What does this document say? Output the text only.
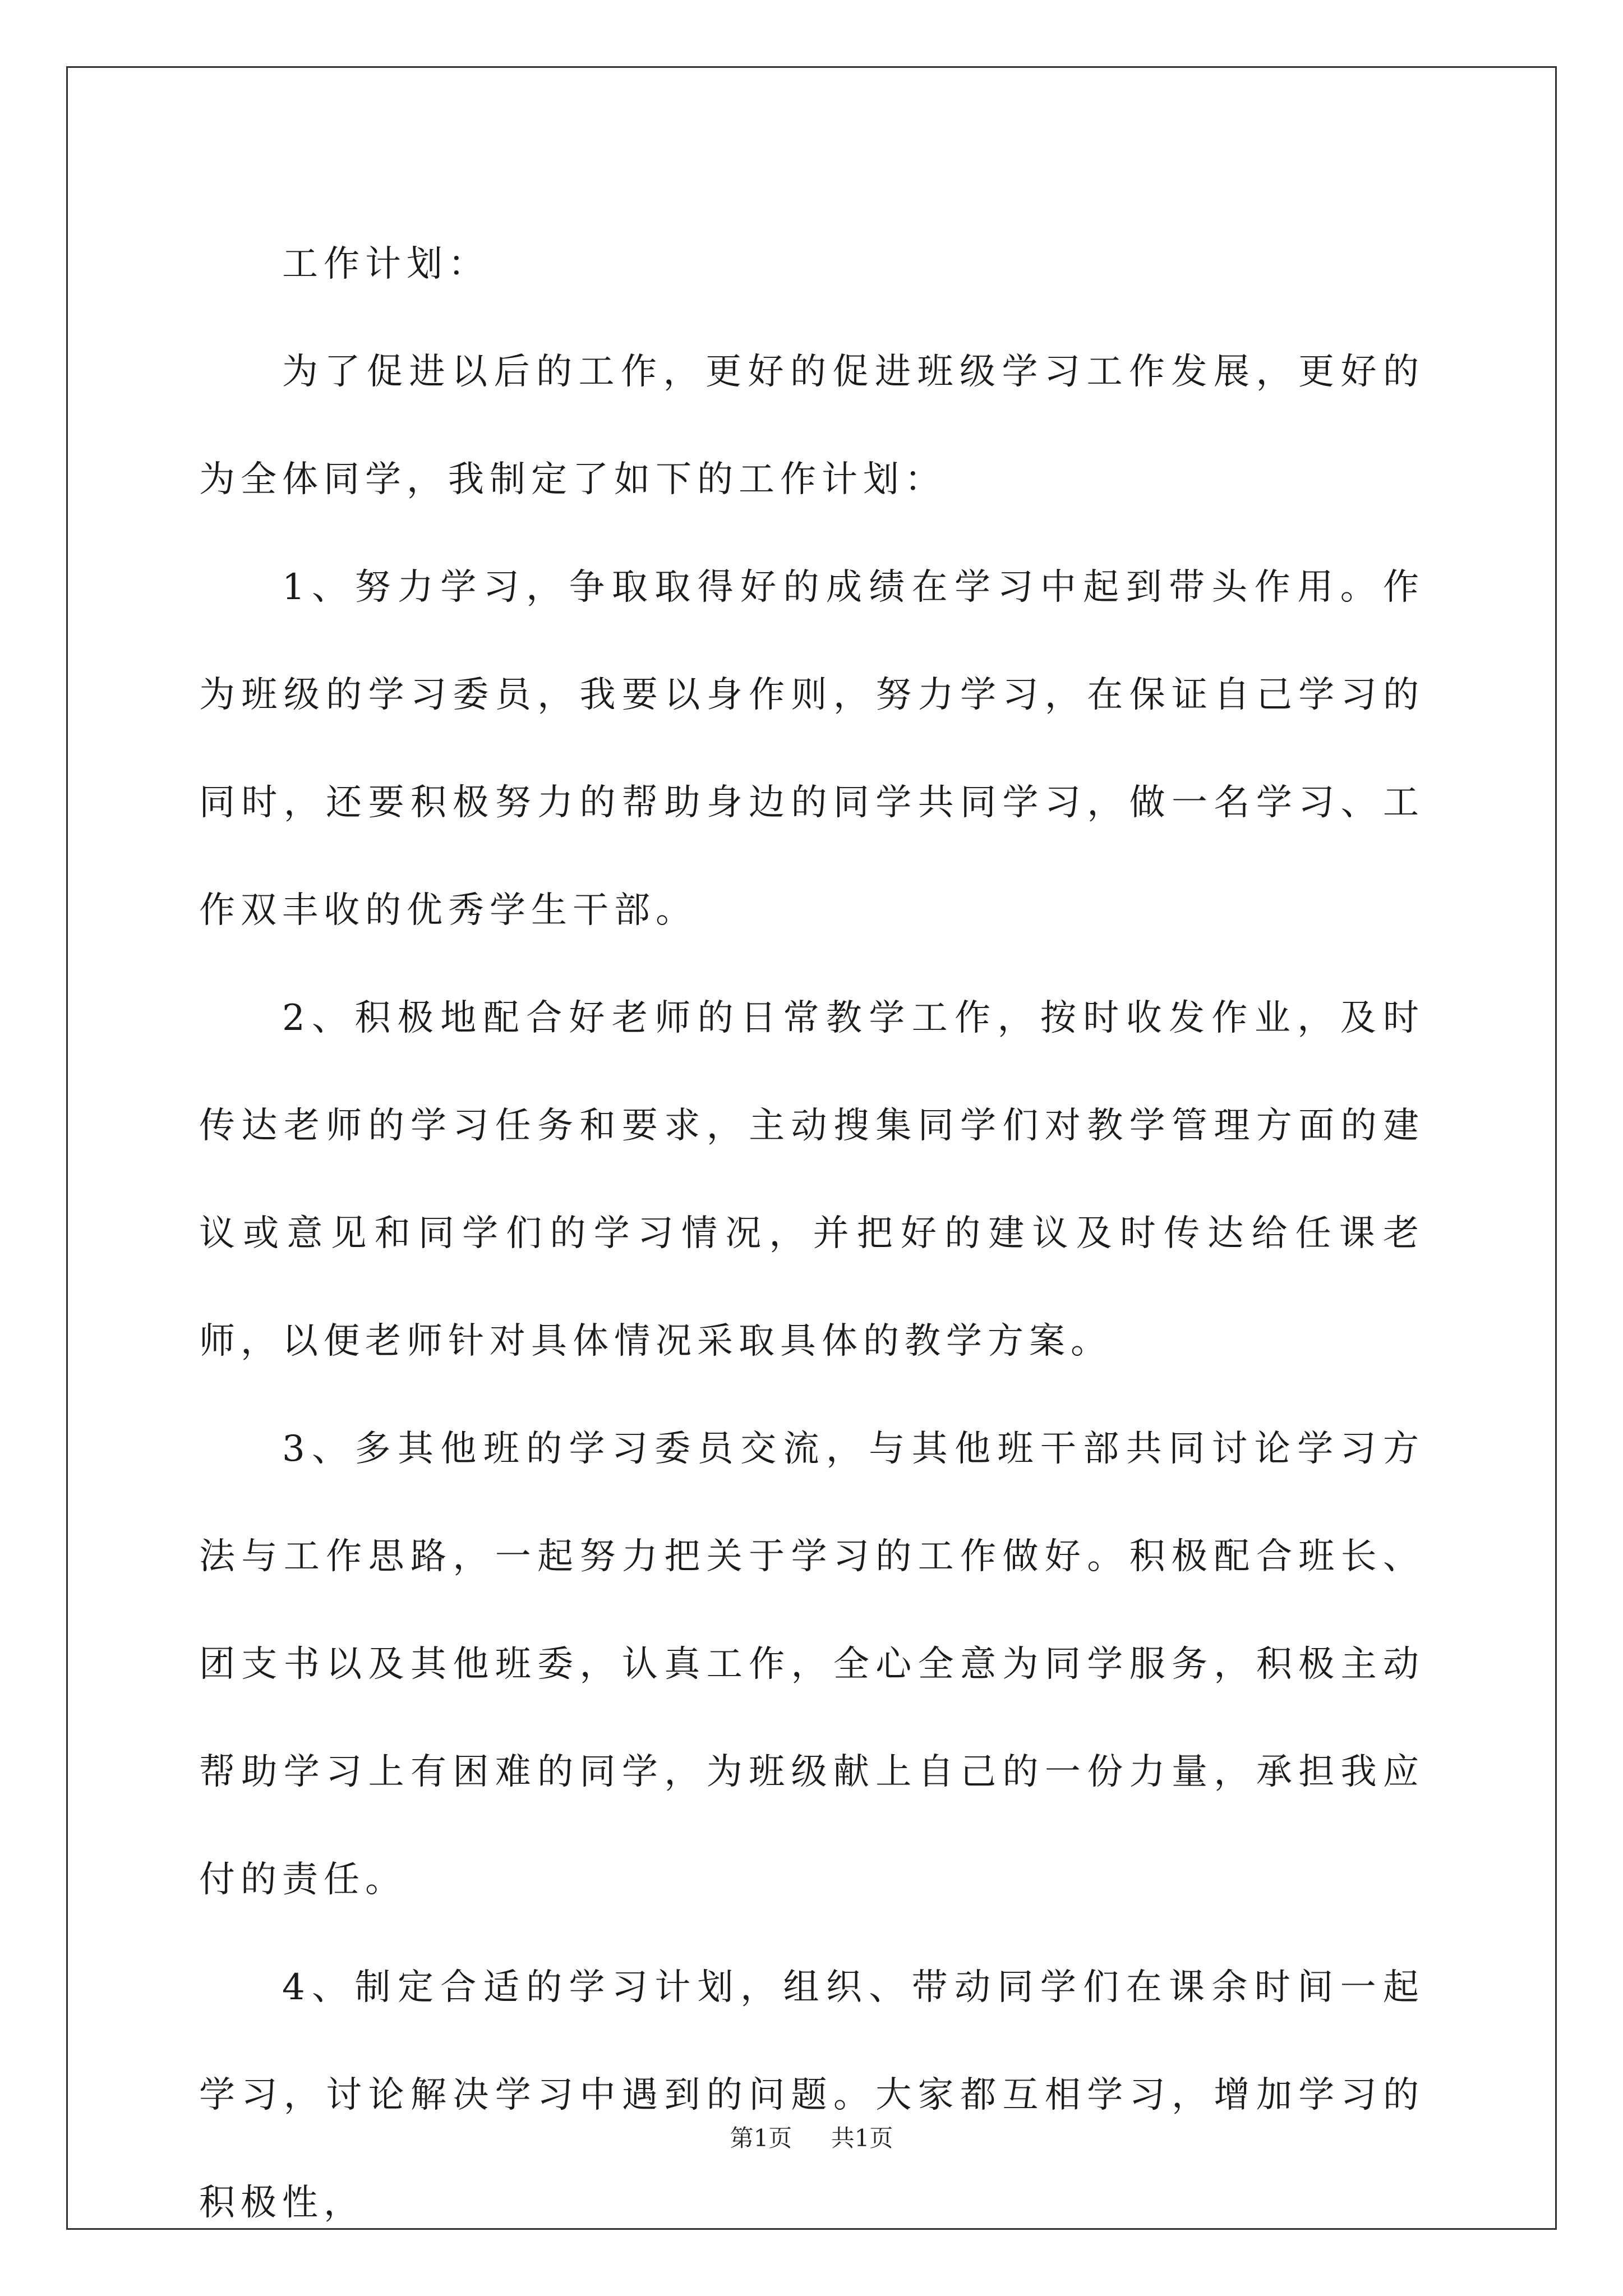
工作计划：

为了促进以后的工作，更好的促进班级学习工作发展，更好的为全体同学，我制定了如下的工作计划：

1、努力学习，争取取得好的成绩在学习中起到带头作用。作为班级的学习委员，我要以身作则，努力学习，在保证自己学习的同时，还要积极努力的帮助身边的同学共同学习，做一名学习、工作双丰收的优秀学生干部。

2、积极地配合好老师的日常教学工作，按时收发作业，及时传达老师的学习任务和要求，主动搜集同学们对教学管理方面的建议或意见和同学们的学习情况，并把好的建议及时传达给任课老师，以便老师针对具体情况采取具体的教学方案。

3、多其他班的学习委员交流，与其他班干部共同讨论学习方法与工作思路，一起努力把关于学习的工作做好。积极配合班长、团支书以及其他班委，认真工作，全心全意为同学服务，积极主动帮助学习上有困难的同学，为班级献上自己的一份力量，承担我应付的责任。

4、制定合适的学习计划，组织、带动同学们在课余时间一起学习，讨论解决学习中遇到的问题。大家都互相学习，增加学习的积极性，

第1页 共1页
